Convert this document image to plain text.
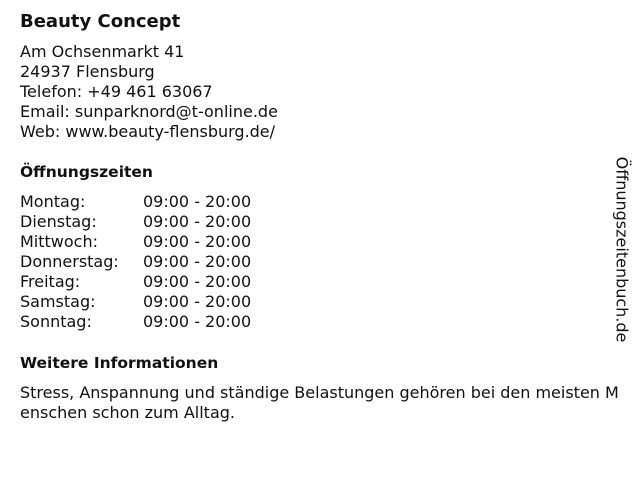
Beauty Concept
Am Ochsenmarkt 41
24937 Flensburg
Telefon: +49 461 63067
Email: sunparknord@t-online.de
Web: www.beauty-flensburg.de/
Öffnungszeiten
Montag:	09:00 - 20:00
Dienstag:	09:00 - 20:00
Mittwoch:	09:00 - 20:00
Donnerstag:	09:00 - 20:00
Freitag:	09:00 - 20:00
Samstag:	09:00 - 20:00
Sonntag:	09:00 - 20:00
Weitere Informationen
Stress, Anspannung und ständige Belastungen gehören bei den meisten Menschen schon zum Alltag.
Öffnungszeitenbuch.de
